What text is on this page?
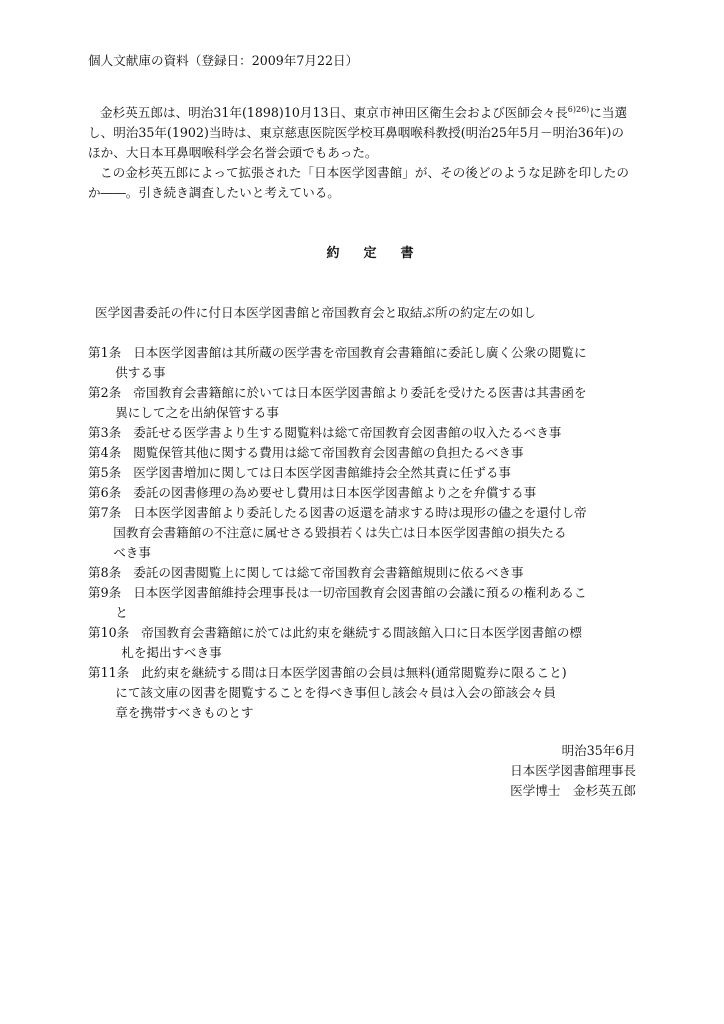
個人文献庫の資料（登録日：2009年7月22日）
金杉英五郎は、明治31年(1898)10月13日、東京市神田区衛生会および医師会々長$^{6)26)}$に当選し、明治35年(1902)当時は、東京慈恵医院医学校耳鼻咽喉科教授(明治25年5月－明治36年)のほか、大日本耳鼻咽喉科学会名誉会頭でもあった。
この金杉英五郎によって拡張された「日本医学図書館」が、その後どのような足跡を印したのか――。引き続き調査したいと考えている。
約 定 書
医学図書委託の件に付日本医学図書館と帝国教育会と取結ぶ所の約定左の如し
第1条 日本医学図書館は其所蔵の医学書を帝国教育会書籍館に委託し廣く公衆の閲覧に
供する事
第2条 帝国教育会書籍館に於いては日本医学図書館より委託を受けたる医書は其書函を
異にして之を出納保管する事
第3条 委託せる医学書より生する閲覧料は総て帝国教育会図書館の収入たるべき事
第4条 閲覧保管其他に関する費用は総て帝国教育会図書館の負担たるべき事
第5条 医学図書増加に関しては日本医学図書館維持会全然其責に任ずる事
第6条 委託の図書修理の為め要せし費用は日本医学図書館より之を弁償する事
第7条 日本医学図書館より委託したる図書の返還を請求する時は現形の儘之を還付し帝
国教育会書籍館の不注意に属せさる毀損若くは失亡は日本医学図書館の損失たる
べき事
第8条 委託の図書閲覧上に関しては総て帝国教育会書籍館規則に依るべき事
第9条 日本医学図書館維持会理事長は一切帝国教育会図書館の会議に預るの権利あるこ
と
第10条 帝国教育会書籍館に於ては此約束を継続する間該館入口に日本医学図書館の標
札を掲出すべき事
第11条 此約束を継続する間は日本医学図書館の会員は無料(通常閲覧券に限ること)
にて該文庫の図書を閲覧することを得べき事但し該会々員は入会の節該会々員
章を携帯すべきものとす
明治35年6月
日本医学図書館理事長
医学博士　金杉英五郎
